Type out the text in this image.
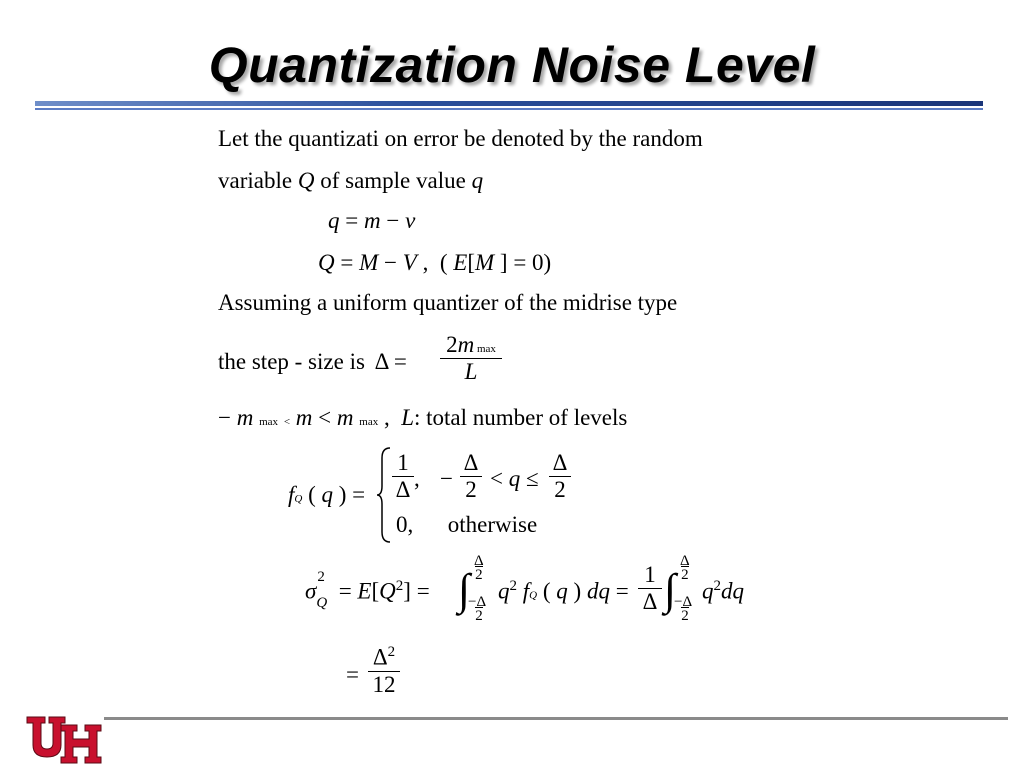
Quantization Noise Level
Let the quantizati on error be denoted by the random
variable Q of sample value q
q = m − v
Q = M − V ,  ( E[M ] = 0)
Assuming a uniform quantizer of the midrise type
the step - size is Δ =
2m max
L
− m max < m < m max ,  L: total number of levels
fQ ( q ) = $\frac{1}{\Delta}$ , − $\frac{\Delta}{2} < q \le \frac{\Delta}{2}$
0,      otherwise
σ
2
$_Q = E[Q^2]$ = ∫
Δ
2
−Δ
2
$q^2$ fQ ( q ) dq = $\frac{1}{\Delta}$ ∫
Δ
2
−Δ
2
$q^2dq$
= $\frac{\Delta^2}{12}$
UH
